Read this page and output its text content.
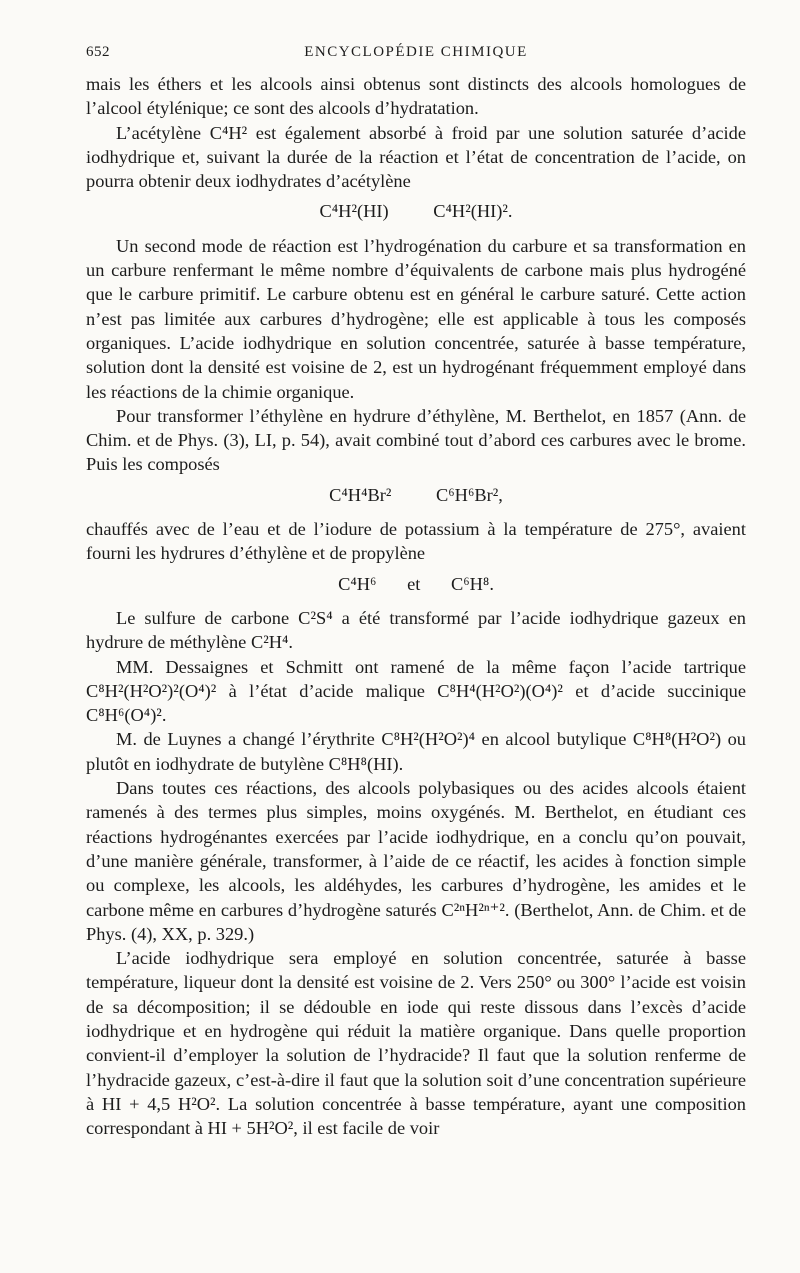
652	ENCYCLOPÉDIE CHIMIQUE

mais les éthers et les alcools ainsi obtenus sont distincts des alcools homologues de l’alcool étylénique; ce sont des alcools d’hydratation.

L’acétylène C⁴H² est également absorbé à froid par une solution saturée d’acide iodhydrique et, suivant la durée de la réaction et l’état de concentration de l’acide, on pourra obtenir deux iodhydrates d’acétylène

C⁴H²(HI) C⁴H²(HI)².

Un second mode de réaction est l’hydrogénation du carbure et sa transformation en un carbure renfermant le même nombre d’équivalents de carbone mais plus hydrogéné que le carbure primitif. Le carbure obtenu est en général le carbure saturé. Cette action n’est pas limitée aux carbures d’hydrogène; elle est applicable à tous les composés organiques. L’acide iodhydrique en solution concentrée, saturée à basse température, solution dont la densité est voisine de 2, est un hydrogénant fréquemment employé dans les réactions de la chimie organique.

Pour transformer l’éthylène en hydrure d’éthylène, M. Berthelot, en 1857 (Ann. de Chim. et de Phys. (3), LI, p. 54), avait combiné tout d’abord ces carbures avec le brome. Puis les composés

C⁴H⁴Br² C⁶H⁶Br²,

chauffés avec de l’eau et de l’iodure de potassium à la température de 275°, avaient fourni les hydrures d’éthylène et de propylène

C⁴H⁶ et C⁶H⁸.

Le sulfure de carbone C²S⁴ a été transformé par l’acide iodhydrique gazeux en hydrure de méthylène C²H⁴.

MM. Dessaignes et Schmitt ont ramené de la même façon l’acide tartrique C⁸H²(H²O²)²(O⁴)² à l’état d’acide malique C⁸H⁴(H²O²)(O⁴)² et d’acide succinique C⁸H⁶(O⁴)².

M. de Luynes a changé l’érythrite C⁸H²(H²O²)⁴ en alcool butylique C⁸H⁸(H²O²) ou plutôt en iodhydrate de butylène C⁸H⁸(HI).

Dans toutes ces réactions, des alcools polybasiques ou des acides alcools étaient ramenés à des termes plus simples, moins oxygénés. M. Berthelot, en étudiant ces réactions hydrogénantes exercées par l’acide iodhydrique, en a conclu qu’on pouvait, d’une manière générale, transformer, à l’aide de ce réactif, les acides à fonction simple ou complexe, les alcools, les aldéhydes, les carbures d’hydrogène, les amides et le carbone même en carbures d’hydrogène saturés C²ⁿH²ⁿ⁺². (Berthelot, Ann. de Chim. et de Phys. (4), XX, p. 329.)

L’acide iodhydrique sera employé en solution concentrée, saturée à basse température, liqueur dont la densité est voisine de 2. Vers 250° ou 300° l’acide est voisin de sa décomposition; il se dédouble en iode qui reste dissous dans l’excès d’acide iodhydrique et en hydrogène qui réduit la matière organique. Dans quelle proportion convient-il d’employer la solution de l’hydracide? Il faut que la solution renferme de l’hydracide gazeux, c’est-à-dire il faut que la solution soit d’une concentration supérieure à HI + 4,5 H²O². La solution concentrée à basse température, ayant une composition correspondant à HI + 5H²O², il est facile de voir
